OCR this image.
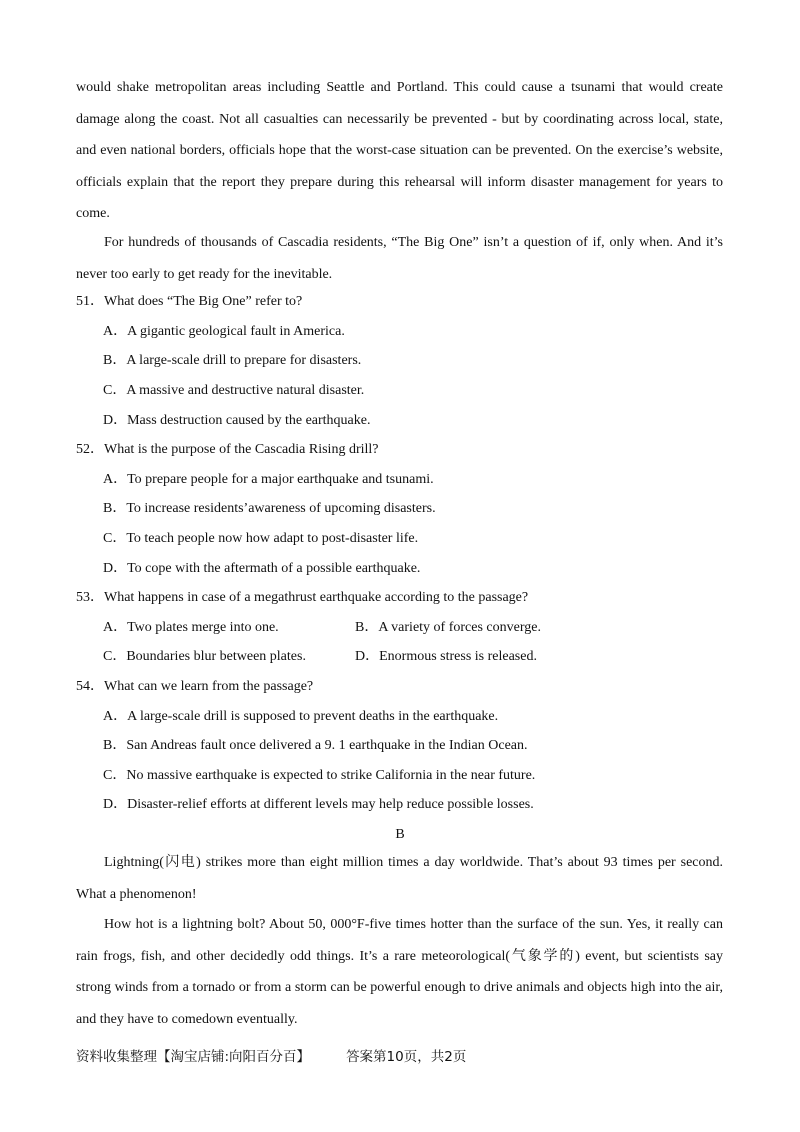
would shake metropolitan areas including Seattle and Portland. This could cause a tsunami that would create damage along the coast. Not all casualties can necessarily be prevented - but by coordinating across local, state, and even national borders, officials hope that the worst-case situation can be prevented. On the exercise’s website, officials explain that the report they prepare during this rehearsal will inform disaster management for years to come.

For hundreds of thousands of Cascadia residents, “The Big One” isn’t a question of if, only when. And it’s never too early to get ready for the inevitable.

51．What does “The Big One” refer to?
A．A gigantic geological fault in America.
B．A large-scale drill to prepare for disasters.
C．A massive and destructive natural disaster.
D．Mass destruction caused by the earthquake.
52．What is the purpose of the Cascadia Rising drill?
A．To prepare people for a major earthquake and tsunami.
B．To increase residents’awareness of upcoming disasters.
C．To teach people now how adapt to post-disaster life.
D．To cope with the aftermath of a possible earthquake.
53．What happens in case of a megathrust earthquake according to the passage?
A．Two plates merge into one.	B．A variety of forces converge.
C．Boundaries blur between plates.	D．Enormous stress is released.
54．What can we learn from the passage?
A．A large-scale drill is supposed to prevent deaths in the earthquake.
B．San Andreas fault once delivered a 9. 1 earthquake in the Indian Ocean.
C．No massive earthquake is expected to strike California in the near future.
D．Disaster-relief efforts at different levels may help reduce possible losses.
B

Lightning(闪电) strikes more than eight million times a day worldwide. That’s about 93 times per second. What a phenomenon!

How hot is a lightning bolt? About 50, 000°F-five times hotter than the surface of the sun. Yes, it really can rain frogs, fish, and other decidedly odd things. It’s a rare meteorological(气象学的) event, but scientists say strong winds from a tornado or from a storm can be powerful enough to drive animals and objects high into the air, and they have to comedown eventually.

资料收集整理【淘宝店铺:向阳百分百】	答案第10页，共2页
